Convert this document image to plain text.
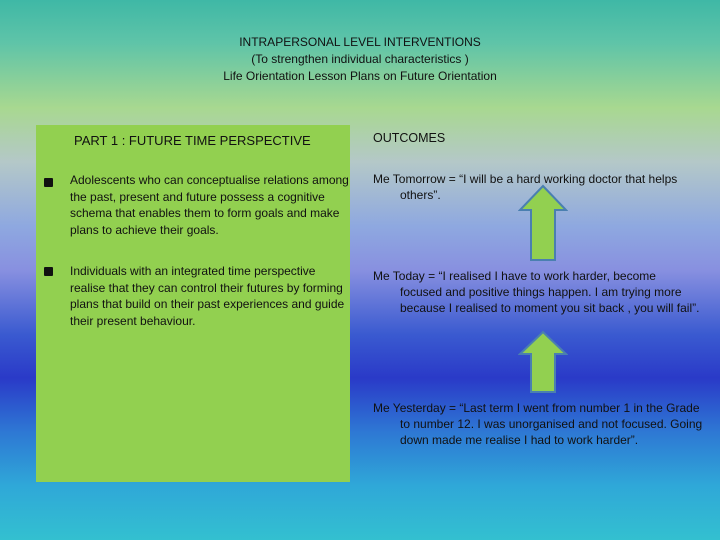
INTRAPERSONAL LEVEL INTERVENTIONS
(To strengthen individual characteristics )
Life Orientation Lesson Plans on Future Orientation
PART 1 : FUTURE TIME PERSPECTIVE
Adolescents who can conceptualise relations among the past, present and future possess a cognitive schema that enables them to form goals and make plans to achieve their goals.
Individuals with an integrated time perspective realise that they can control their futures by forming plans that build on their past experiences and guide their present behaviour.
OUTCOMES
Me Tomorrow = “I will be a hard working doctor that helps others”.
Me Today = “I realised I have to work harder, become focused and positive things happen. I am trying more because I realised to moment you sit back , you will fail”.
Me Yesterday = “Last term I went from number 1 in the Grade to number 12. I was unorganised and not focused. Going down made me realise I had to work harder”.
